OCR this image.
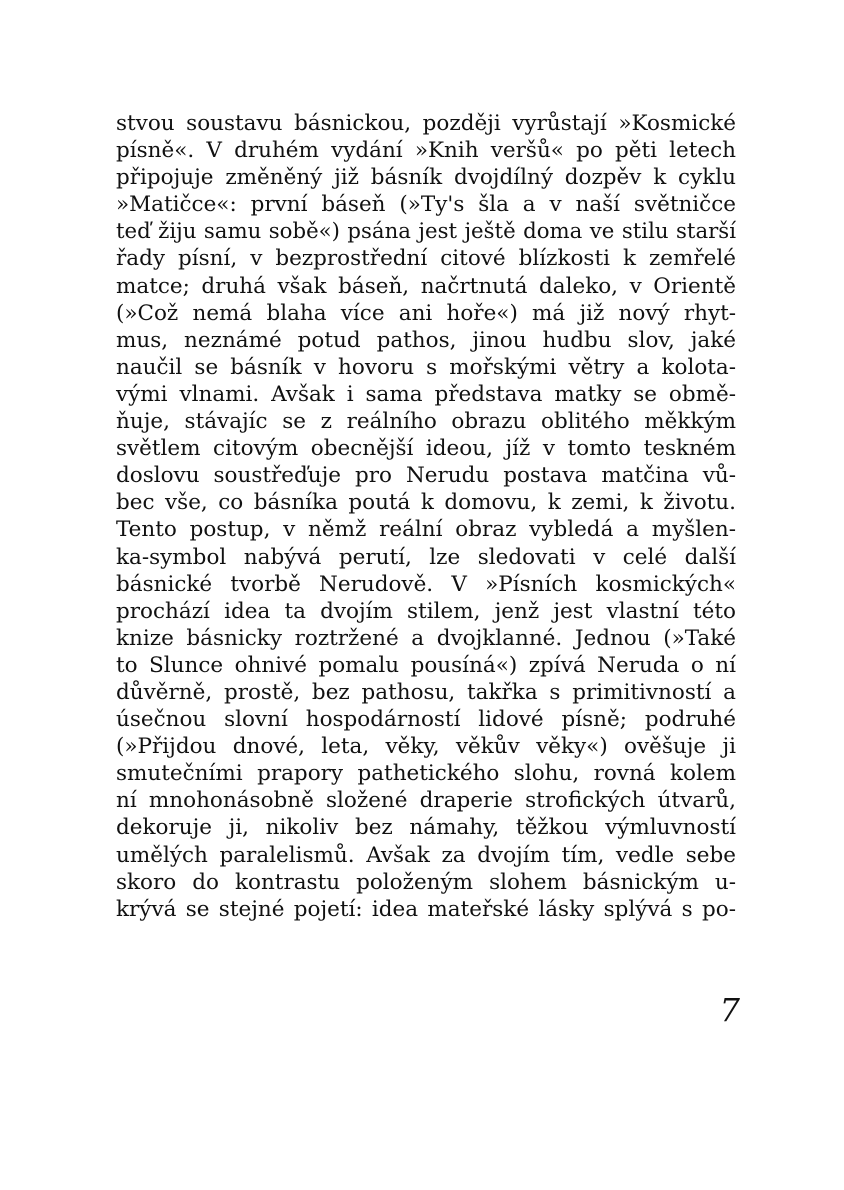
stvou soustavu básnickou, později vyrůstají »Kosmické
písně«. V druhém vydání »Knih veršů« po pěti letech
připojuje změněný již básník dvojdílný dozpěv k cyklu
»Matičce«: první báseň (»Ty's šla a v naší světničce
teď žiju samu sobě«) psána jest ještě doma ve stilu starší
řady písní, v bezprostřední citové blízkosti k zemřelé
matce; druhá však báseň, načrtnutá daleko, v Orientě
(»Což nemá blaha více ani hoře«) má již nový rhyt-
mus, neznámé potud pathos, jinou hudbu slov, jaké
naučil se básník v hovoru s mořskými větry a kolota-
vými vlnami. Avšak i sama představa matky se obmě-
ňuje, stávajíc se z reálního obrazu oblitého měkkým
světlem citovým obecnější ideou, jíž v tomto teskném
doslovu soustřeďuje pro Nerudu postava matčina vů-
bec vše, co básníka poutá k domovu, k zemi, k životu.
Tento postup, v němž reální obraz vybledá a myšlen-
ka-symbol nabývá perutí, lze sledovati v celé další
básnické tvorbě Nerudově. V »Písních kosmických«
prochází idea ta dvojím stilem, jenž jest vlastní této
knize básnicky roztržené a dvojklanné. Jednou (»Také
to Slunce ohnivé pomalu pousíná«) zpívá Neruda o ní
důvěrně, prostě, bez pathosu, takřka s primitivností a
úsečnou slovní hospodárností lidové písně; podruhé
(»Přijdou dnové, leta, věky, věkův věky«) ověšuje ji
smutečními prapory pathetického slohu, rovná kolem
ní mnohonásobně složené draperie strofických útvarů,
dekoruje ji, nikoliv bez námahy, těžkou výmluvností
umělých paralelismů. Avšak za dvojím tím, vedle sebe
skoro do kontrastu položeným slohem básnickým u-
krývá se stejné pojetí: idea mateřské lásky splývá s po-
7
